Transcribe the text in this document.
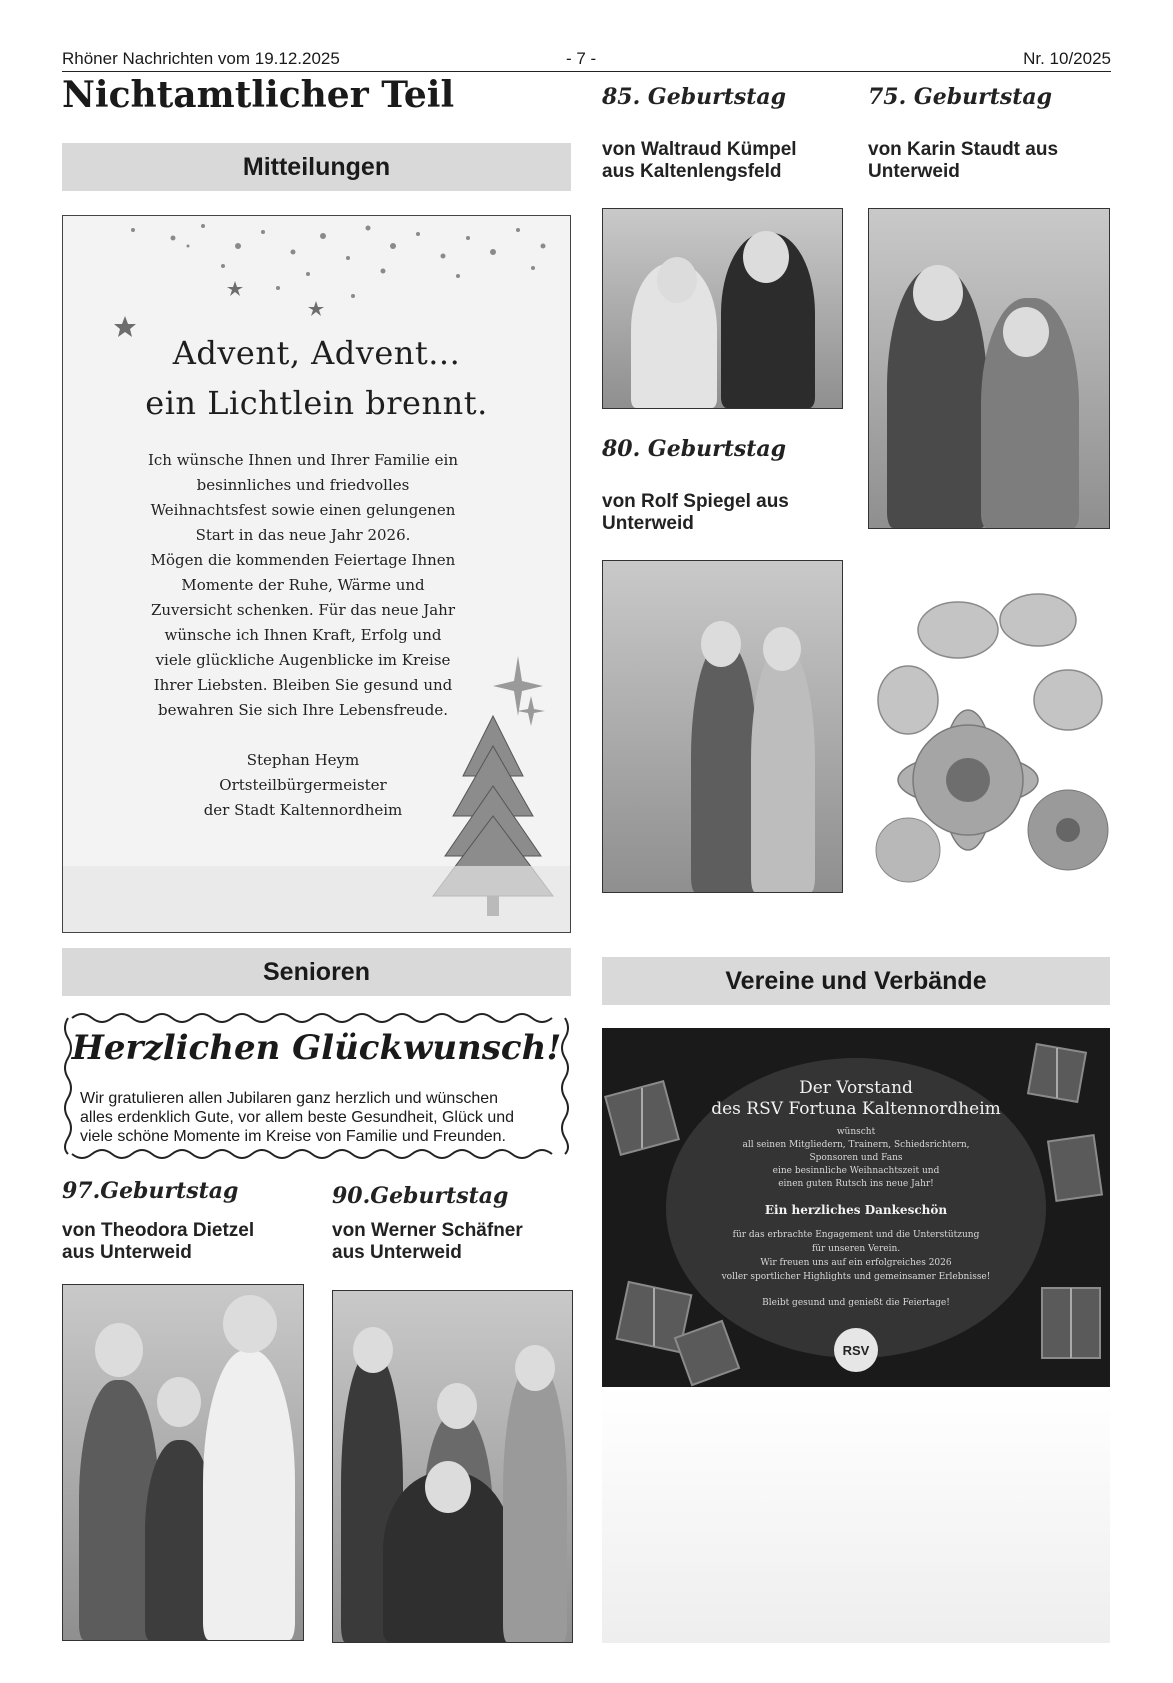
Rhöner Nachrichten vom 19.12.2025	- 7 -	Nr. 10/2025
Nichtamtlicher Teil
Mitteilungen
Advent, Advent...
ein Lichtlein brennt.
Ich wünsche Ihnen und Ihrer Familie ein
besinnliches und friedvolles
Weihnachtsfest sowie einen gelungenen
Start in das neue Jahr 2026.
Mögen die kommenden Feiertage Ihnen
Momente der Ruhe, Wärme und
Zuversicht schenken. Für das neue Jahr
wünsche ich Ihnen Kraft, Erfolg und
viele glückliche Augenblicke im Kreise
Ihrer Liebsten. Bleiben Sie gesund und
bewahren Sie sich Ihre Lebensfreude.
Stephan Heym
Ortsteilbürgermeister
der Stadt Kaltennordheim
Senioren
Herzlichen Glückwunsch!
Wir gratulieren allen Jubilaren ganz herzlich und wünschen
alles erdenklich Gute, vor allem beste Gesundheit, Glück und
viele schöne Momente im Kreise von Familie und Freunden.
97.Geburtstag
von Theodora Dietzel
aus Unterweid
90.Geburtstag
von Werner Schäfner
aus Unterweid
85. Geburtstag
von Waltraud Kümpel
aus Kaltenlengsfeld
75. Geburtstag
von Karin Staudt aus
Unterweid
80. Geburtstag
von Rolf Spiegel aus
Unterweid
Vereine und Verbände
Der Vorstand
des RSV Fortuna Kaltennordheim
wünscht
all seinen Mitgliedern, Trainern, Schiedsrichtern,
Sponsoren und Fans
eine besinnliche Weihnachtszeit und
einen guten Rutsch ins neue Jahr!
Ein herzliches Dankeschön
für das erbrachte Engagement und die Unterstützung
für unseren Verein.
Wir freuen uns auf ein erfolgreiches 2026
voller sportlicher Highlights und gemeinsamer Erlebnisse!
Bleibt gesund und genießt die Feiertage!
RSV
